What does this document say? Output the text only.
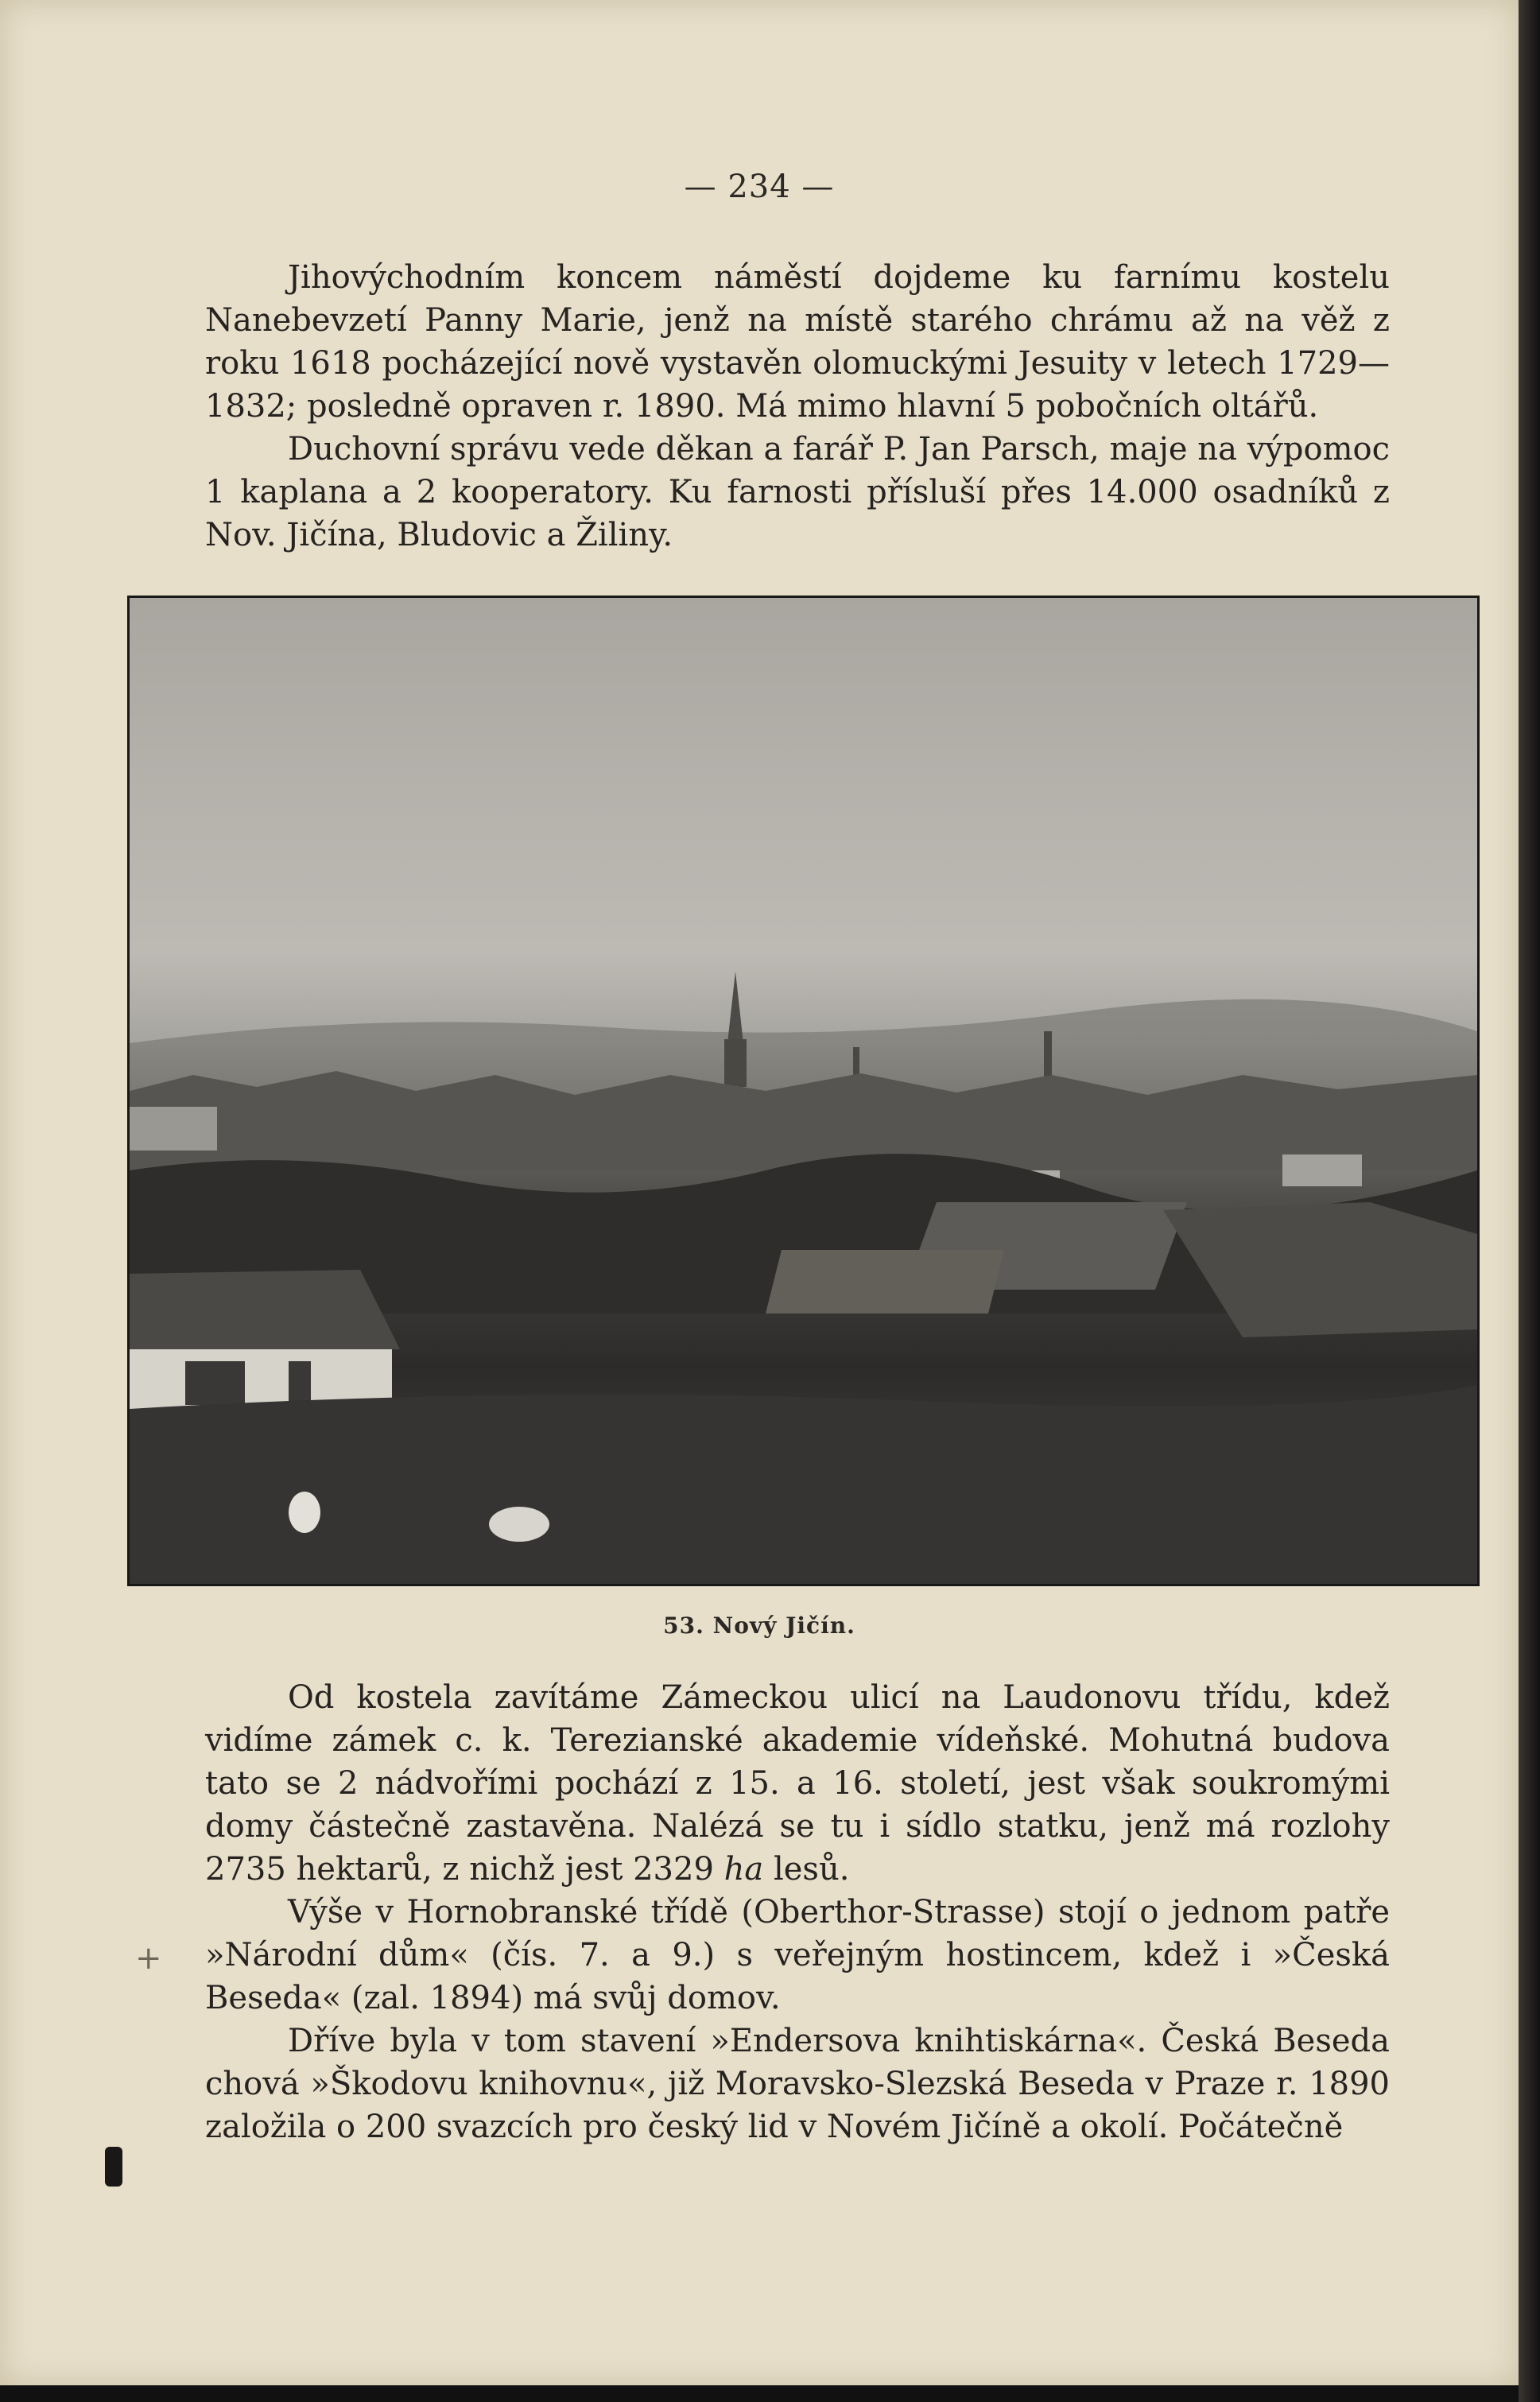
— 234 —

Jihovýchodním koncem náměstí dojdeme ku farnímu kostelu Nanebevzetí Panny Marie, jenž na místě starého chrámu až na věž z roku 1618 pocházející nově vystavěn olomuckými Jesuity v letech 1729—1832; posledně opraven r. 1890. Má mimo hlavní 5 pobočních oltářů.

Duchovní správu vede děkan a farář P. Jan Parsch, maje na výpomoc 1 kaplana a 2 kooperatory. Ku farnosti přísluší přes 14.000 osadníků z Nov. Jičína, Bludovic a Žiliny.

53. Nový Jičín.

Od kostela zavítáme Zámeckou ulicí na Laudonovu třídu, kdež vidíme zámek c. k. Terezianské akademie vídeňské. Mohutná budova tato se 2 nádvořími pochází z 15. a 16. století, jest však soukromými domy částečně zastavěna. Nalézá se tu i sídlo statku, jenž má rozlohy 2735 hektarů, z nichž jest 2329 ha lesů.

Výše v Hornobranské třídě (Oberthor-Strasse) stojí o jednom patře »Národní dům« (čís. 7. a 9.) s veřejným hostincem, kdež i »Česká Beseda« (zal. 1894) má svůj domov.

Dříve byla v tom stavení »Endersova knihtiskárna«. Česká Beseda chová »Škodovu knihovnu«, již Moravsko-Slezská Beseda v Praze r. 1890 založila o 200 svazcích pro český lid v Novém Jičíně a okolí. Počátečně

+
